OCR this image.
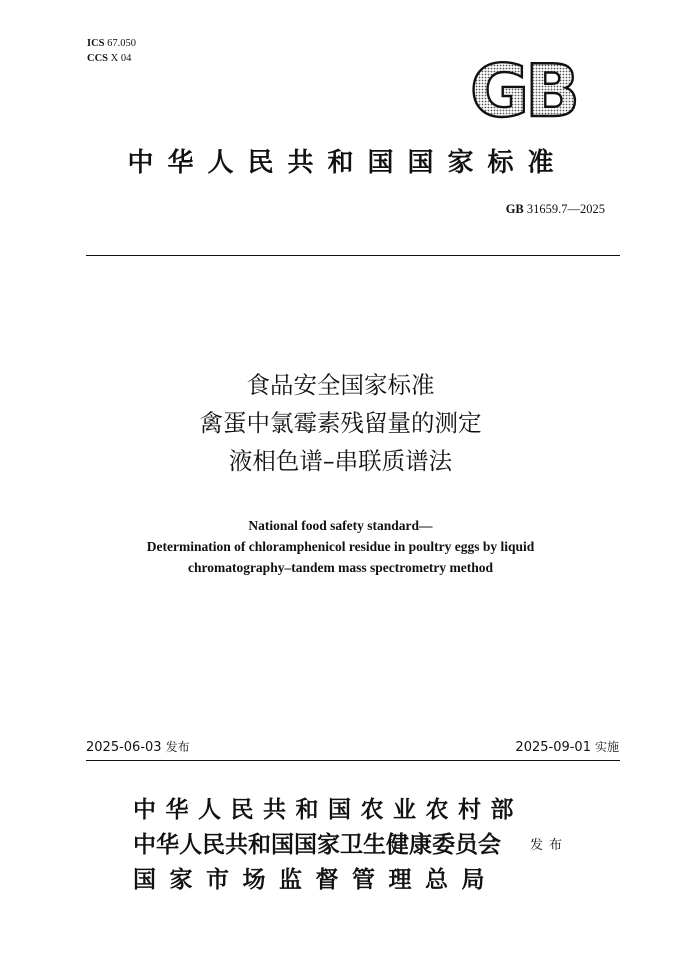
ICS 67.050
CCS X 04	GB
中华人民共和国国家标准
GB 31659.7—2025
食品安全国家标准
禽蛋中氯霉素残留量的测定
液相色谱–串联质谱法
National food safety standard—
Determination of chloramphenicol residue in poultry eggs by liquid
chromatography–tandem mass spectrometry method
2025-06-03 发布	2025-09-01 实施
中华人民共和国农业农村部
中华人民共和国国家卫生健康委员会
国家市场监督管理总局
发布
